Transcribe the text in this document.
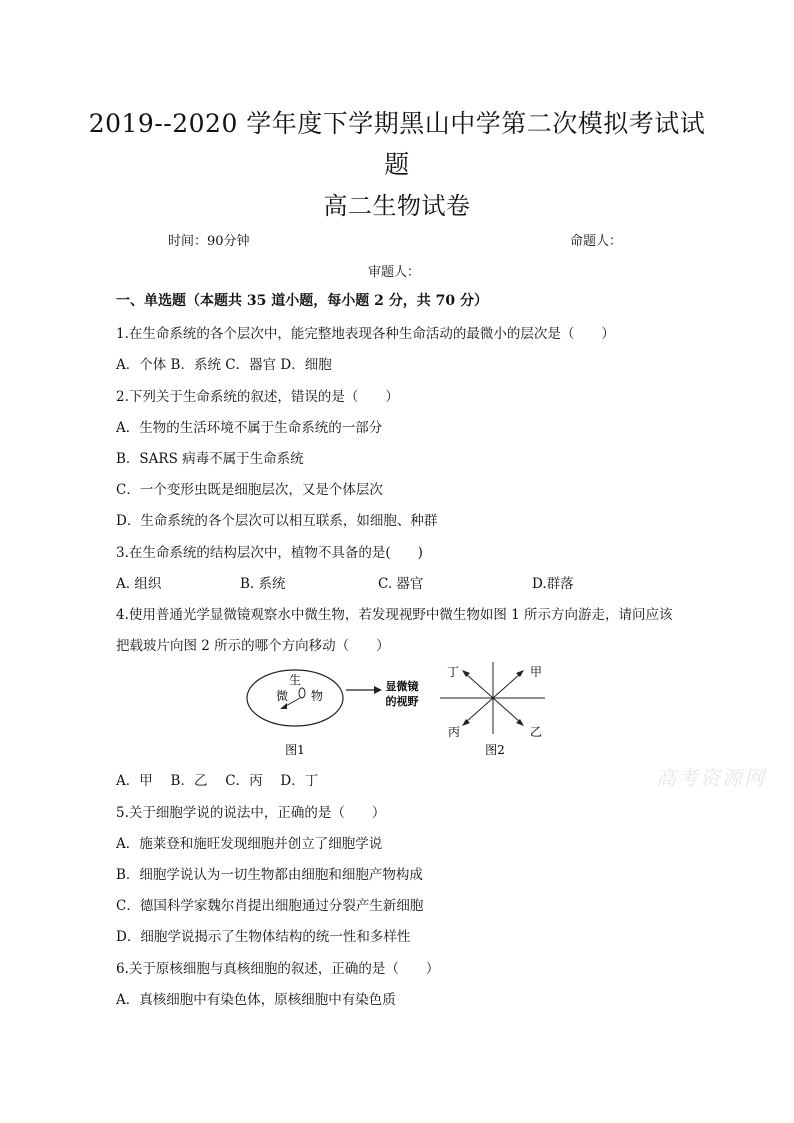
2019--2020 学年度下学期黑山中学第二次模拟考试试
题
高二生物试卷
时间：90分钟	命题人：
审题人：
一、单选题（本题共 35 道小题，每小题 2 分，共 70 分）
1.在生命系统的各个层次中，能完整地表现各种生命活动的最微小的层次是（　　）
A．个体 B．系统 C．器官 D．细胞
2.下列关于生命系统的叙述，错误的是（　　）
A．生物的生活环境不属于生命系统的一部分
B．SARS 病毒不属于生命系统
C．一个变形虫既是细胞层次，又是个体层次
D．生命系统的各个层次可以相互联系，如细胞、种群
3.在生命系统的结构层次中，植物不具备的是(　　)
A. 组织	B. 系统	C. 器官	D.群落
4.使用普通光学显微镜观察水中微生物，若发现视野中微生物如图 1 所示方向游走，请问应该
把载玻片向图 2 所示的哪个方向移动（　　）
生
微 物
显微镜
的视野
丁	甲
丙	乙
图1	图2
A．甲　 B．乙　 C．丙　 D．丁	高考资源网
5.关于细胞学说的说法中，正确的是（　　）
A．施莱登和施旺发现细胞并创立了细胞学说
B．细胞学说认为一切生物都由细胞和细胞产物构成
C．德国科学家魏尔肖提出细胞通过分裂产生新细胞
D．细胞学说揭示了生物体结构的统一性和多样性
6.关于原核细胞与真核细胞的叙述，正确的是（　　）
A．真核细胞中有染色体，原核细胞中有染色质
